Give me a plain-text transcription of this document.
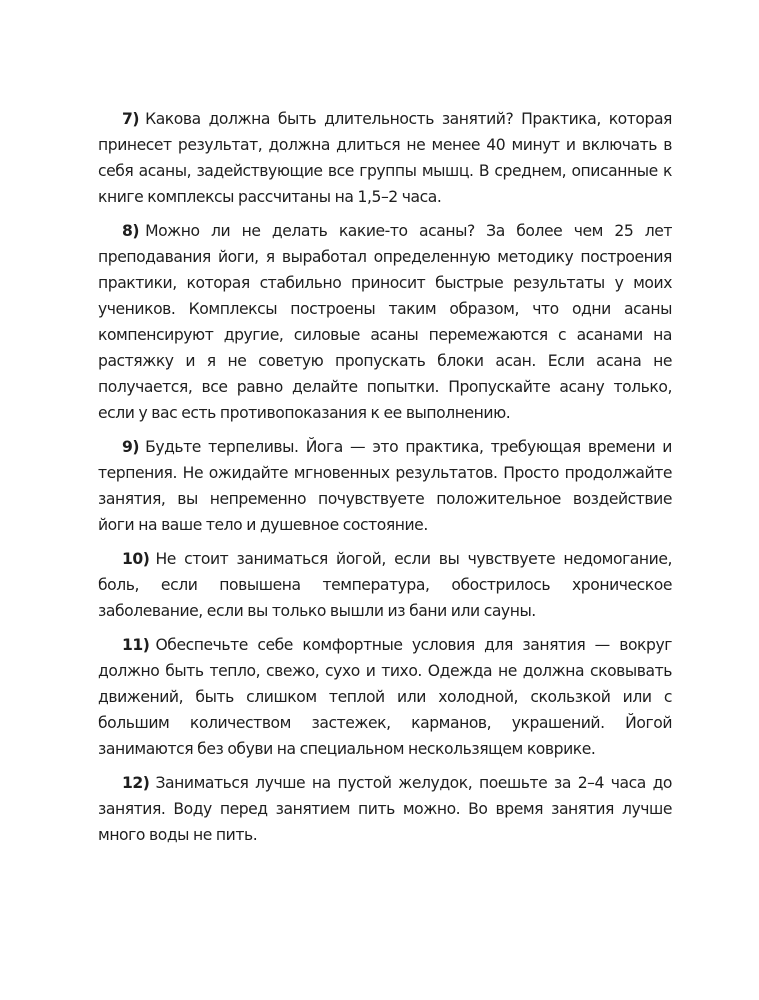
7) Какова должна быть длительность занятий? Практика, которая принесет результат, должна длиться не менее 40 минут и включать в себя асаны, задействующие все группы мышц. В среднем, описанные к книге комплексы рассчитаны на 1,5–2 часа.

8) Можно ли не делать какие-то асаны? За более чем 25 лет преподавания йоги, я выработал определенную методику построения практики, которая стабильно приносит быстрые результаты у моих учеников. Комплексы построены таким образом, что одни асаны компенсируют другие, силовые асаны перемежаются с асанами на растяжку и я не советую пропускать блоки асан. Если асана не получается, все равно делайте попытки. Пропускайте асану только, если у вас есть противопоказания к ее выполнению.

9) Будьте терпеливы. Йога — это практика, требующая времени и терпения. Не ожидайте мгновенных результатов. Просто продолжайте занятия, вы непременно почувствуете положительное воздействие йоги на ваше тело и душевное состояние.

10) Не стоит заниматься йогой, если вы чувствуете недомогание, боль, если повышена температура, обострилось хроническое заболевание, если вы только вышли из бани или сауны.

11) Обеспечьте себе комфортные условия для занятия — вокруг должно быть тепло, свежо, сухо и тихо. Одежда не должна сковывать движений, быть слишком теплой или холодной, скользкой или с большим количеством застежек, карманов, украшений. Йогой занимаются без обуви на специальном нескользящем коврике.

12) Заниматься лучше на пустой желудок, поешьте за 2–4 часа до занятия. Воду перед занятием пить можно. Во время занятия лучше много воды не пить.
